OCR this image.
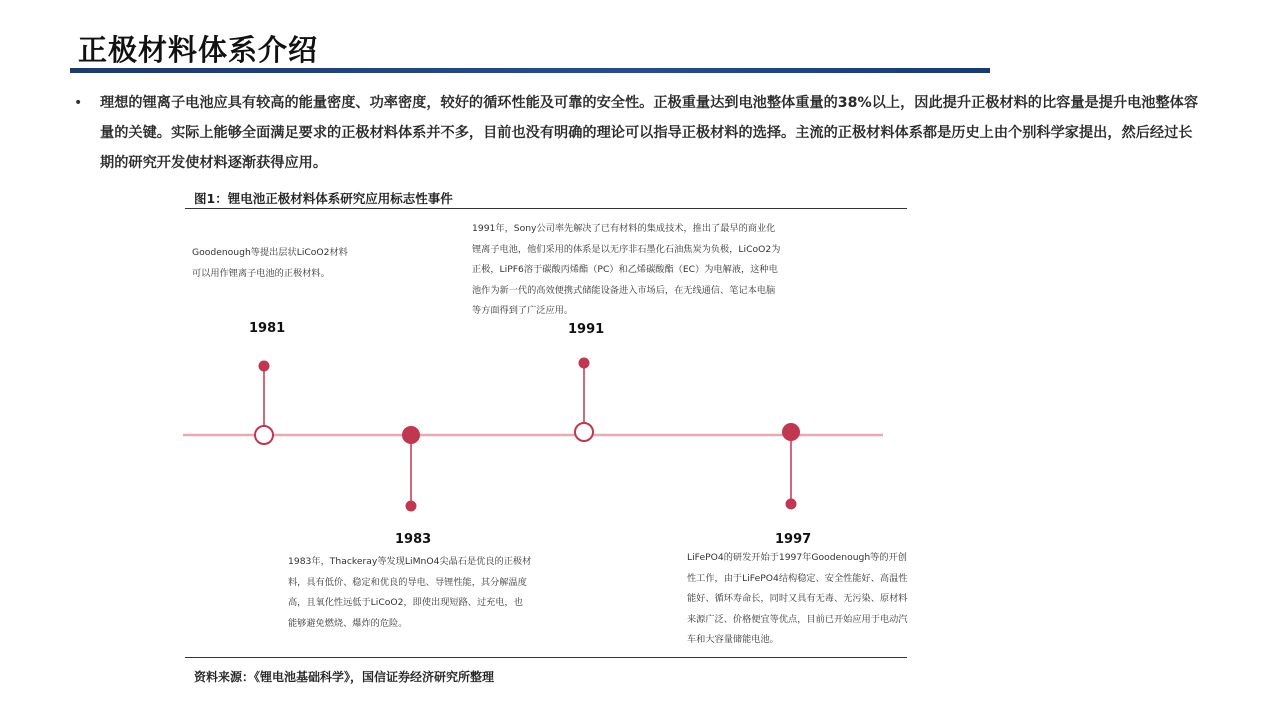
正极材料体系介绍
• 理想的锂离子电池应具有较高的能量密度、功率密度，较好的循环性能及可靠的安全性。正极重量达到电池整体重量的38%以上，因此提升正极材料的比容量是提升电池整体容量的关键。实际上能够全面满足要求的正极材料体系并不多，目前也没有明确的理论可以指导正极材料的选择。主流的正极材料体系都是历史上由个别科学家提出，然后经过长期的研究开发使材料逐渐获得应用。
图1：锂电池正极材料体系研究应用标志性事件
Goodenough等提出层状LiCoO2材料可以用作锂离子电池的正极材料。
1981
1991年，Sony公司率先解决了已有材料的集成技术，推出了最早的商业化锂离子电池，他们采用的体系是以无序非石墨化石油焦炭为负极，LiCoO2为正极，LiPF6溶于碳酸丙烯酯（PC）和乙烯碳酸酯（EC）为电解液，这种电池作为新一代的高效便携式储能设备进入市场后，在无线通信、笔记本电脑等方面得到了广泛应用。
1991
1983
1983年，Thackeray等发现LiMnO4尖晶石是优良的正极材料，具有低价、稳定和优良的导电、导锂性能，其分解温度高，且氧化性远低于LiCoO2，即使出现短路、过充电，也能够避免燃烧、爆炸的危险。
1997
LiFePO4的研发开始于1997年Goodenough等的开创性工作，由于LiFePO4结构稳定、安全性能好、高温性能好、循环寿命长，同时又具有无毒、无污染、原材料来源广泛、价格便宜等优点，目前已开始应用于电动汽车和大容量储能电池。
资料来源：《锂电池基础科学》，国信证券经济研究所整理
